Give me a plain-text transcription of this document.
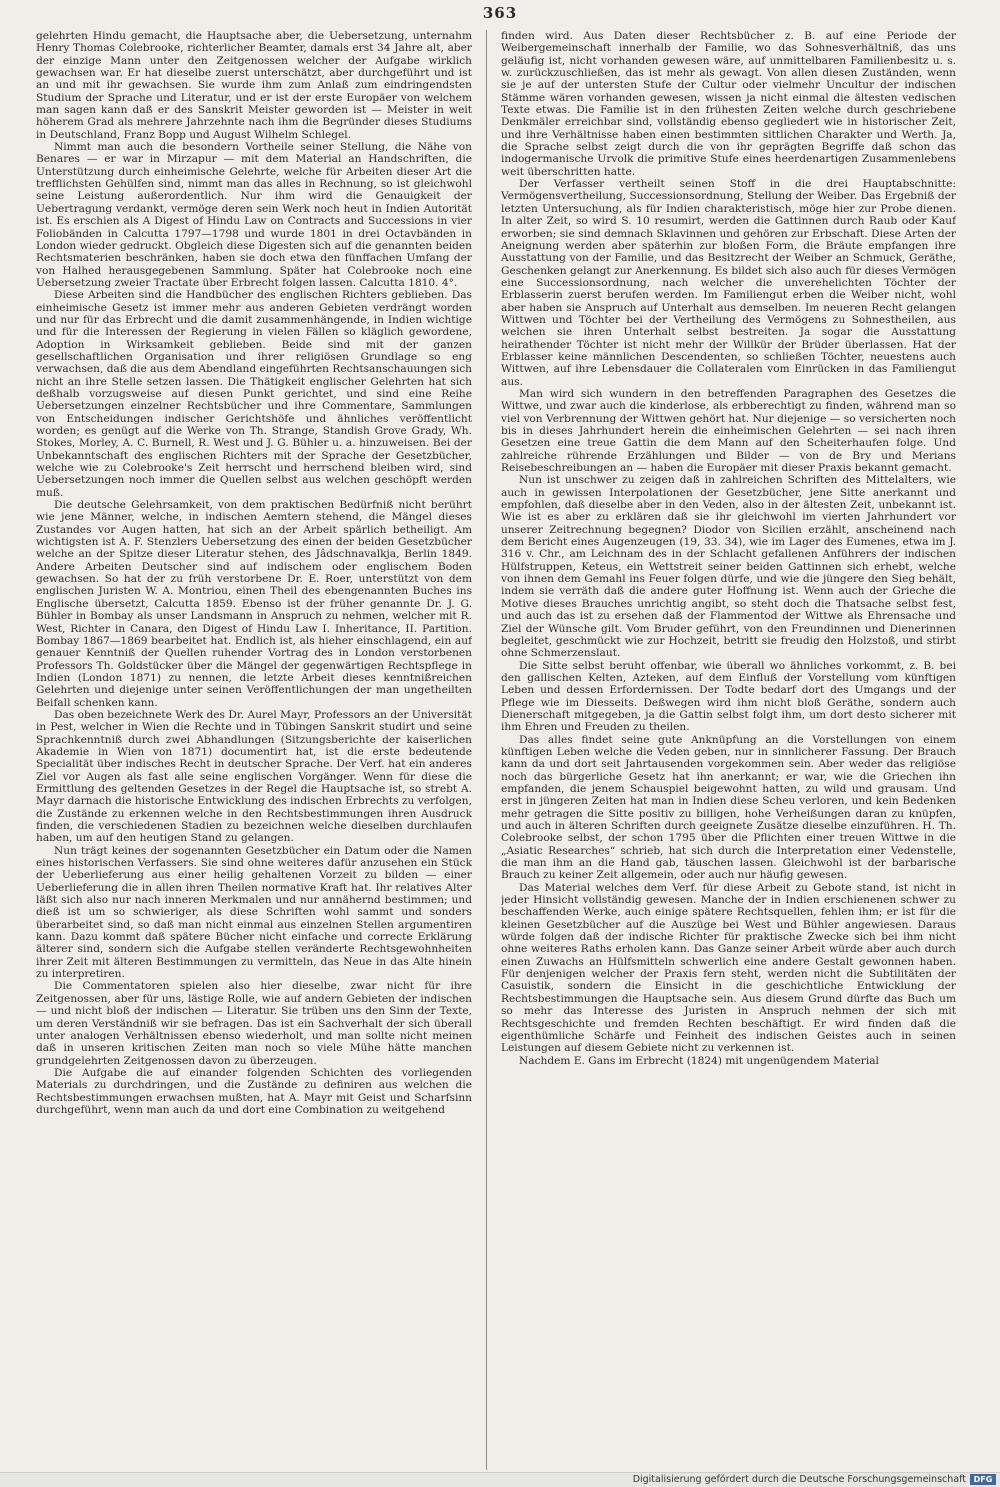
363

gelehrten Hindu gemacht, die Hauptsache aber, die Uebersetzung, unternahm Henry Thomas Colebrooke, richterlicher Beamter, damals erst 34 Jahre alt, aber der einzige Mann unter den Zeitgenossen welcher der Aufgabe wirklich gewachsen war. Er hat dieselbe zuerst unterschätzt, aber durchgeführt und ist an und mit ihr gewachsen. Sie wurde ihm zum Anlaß zum eindringendsten Studium der Sprache und Literatur, und er ist der erste Europäer von welchem man sagen kann daß er des Sanskrit Meister geworden ist — Meister in weit höherem Grad als mehrere Jahrzehnte nach ihm die Begründer dieses Studiums in Deutschland, Franz Bopp und August Wilhelm Schlegel.

Nimmt man auch die besondern Vortheile seiner Stellung, die Nähe von Benares — er war in Mirzapur — mit dem Material an Handschriften, die Unterstützung durch einheimische Gelehrte, welche für Arbeiten dieser Art die trefflichsten Gehülfen sind, nimmt man das alles in Rechnung, so ist gleichwohl seine Leistung außerordentlich. Nur ihm wird die Genauigkeit der Uebertragung verdankt, vermöge deren sein Werk noch heut in Indien Autorität ist. Es erschien als A Digest of Hindu Law on Contracts and Successions in vier Foliobänden in Calcutta 1797—1798 und wurde 1801 in drei Octavbänden in London wieder gedruckt. Obgleich diese Digesten sich auf die genannten beiden Rechtsmaterien beschränken, haben sie doch etwa den fünffachen Umfang der von Halhed herausgegebenen Sammlung. Später hat Colebrooke noch eine Uebersetzung zweier Tractate über Erbrecht folgen lassen. Calcutta 1810. 4°.

Diese Arbeiten sind die Handbücher des englischen Richters geblieben. Das einheimische Gesetz ist immer mehr aus anderen Gebieten verdrängt worden und nur für das Erbrecht und die damit zusammenhängende, in Indien wichtige und für die Interessen der Regierung in vielen Fällen so kläglich gewordene, Adoption in Wirksamkeit geblieben. Beide sind mit der ganzen gesellschaftlichen Organisation und ihrer religiösen Grundlage so eng verwachsen, daß die aus dem Abendland eingeführten Rechtsanschauungen sich nicht an ihre Stelle setzen lassen. Die Thätigkeit englischer Gelehrten hat sich deßhalb vorzugsweise auf diesen Punkt gerichtet, und sind eine Reihe Uebersetzungen einzelner Rechtsbücher und ihre Commentare, Sammlungen von Entscheidungen indischer Gerichtshöfe und ähnliches veröffentlicht worden; es genügt auf die Werke von Th. Strange, Standish Grove Grady, Wh. Stokes, Morley, A. C. Burnell, R. West und J. G. Bühler u. a. hinzuweisen. Bei der Unbekanntschaft des englischen Richters mit der Sprache der Gesetzbücher, welche wie zu Colebrooke's Zeit herrscht und herrschend bleiben wird, sind Uebersetzungen noch immer die Quellen selbst aus welchen geschöpft werden muß.

Die deutsche Gelehrsamkeit, von dem praktischen Bedürfniß nicht berührt wie jene Männer, welche, in indischen Aemtern stehend, die Mängel dieses Zustandes vor Augen hatten, hat sich an der Arbeit spärlich betheiligt. Am wichtigsten ist A. F. Stenzlers Uebersetzung des einen der beiden Gesetzbücher welche an der Spitze dieser Literatur stehen, des Jâdschnavalkja, Berlin 1849. Andere Arbeiten Deutscher sind auf indischem oder englischem Boden gewachsen. So hat der zu früh verstorbene Dr. E. Roer, unterstützt von dem englischen Juristen W. A. Montriou, einen Theil des ebengenannten Buches ins Englische übersetzt, Calcutta 1859. Ebenso ist der früher genannte Dr. J. G. Bühler in Bombay als unser Landsmann in Anspruch zu nehmen, welcher mit R. West, Richter in Canara, den Digest of Hindu Law I. Inheritance, II. Partition. Bombay 1867—1869 bearbeitet hat. Endlich ist, als hieher einschlagend, ein auf genauer Kenntniß der Quellen ruhender Vortrag des in London verstorbenen Professors Th. Goldstücker über die Mängel der gegenwärtigen Rechtspflege in Indien (London 1871) zu nennen, die letzte Arbeit dieses kenntnißreichen Gelehrten und diejenige unter seinen Veröffentlichungen der man ungetheilten Beifall schenken kann.

Das oben bezeichnete Werk des Dr. Aurel Mayr, Professors an der Universität in Pest, welcher in Wien die Rechte und in Tübingen Sanskrit studirt und seine Sprachkenntniß durch zwei Abhandlungen (Sitzungsberichte der kaiserlichen Akademie in Wien von 1871) documentirt hat, ist die erste bedeutende Specialität über indisches Recht in deutscher Sprache. Der Verf. hat ein anderes Ziel vor Augen als fast alle seine englischen Vorgänger. Wenn für diese die Ermittlung des geltenden Gesetzes in der Regel die Hauptsache ist, so strebt A. Mayr darnach die historische Entwicklung des indischen Erbrechts zu verfolgen, die Zustände zu erkennen welche in den Rechtsbestimmungen ihren Ausdruck finden, die verschiedenen Stadien zu bezeichnen welche dieselben durchlaufen haben, um auf den heutigen Stand zu gelangen.

Nun trägt keines der sogenannten Gesetzbücher ein Datum oder die Namen eines historischen Verfassers. Sie sind ohne weiteres dafür anzusehen ein Stück der Ueberlieferung aus einer heilig gehaltenen Vorzeit zu bilden — einer Ueberlieferung die in allen ihren Theilen normative Kraft hat. Ihr relatives Alter läßt sich also nur nach inneren Merkmalen und nur annähernd bestimmen; und dieß ist um so schwieriger, als diese Schriften wohl sammt und sonders überarbeitet sind, so daß man nicht einmal aus einzelnen Stellen argumentiren kann. Dazu kommt daß spätere Bücher nicht einfache und correcte Erklärung älterer sind, sondern sich die Aufgabe stellen veränderte Rechtsgewohnheiten ihrer Zeit mit älteren Bestimmungen zu vermitteln, das Neue in das Alte hinein zu interpretiren.

Die Commentatoren spielen also hier dieselbe, zwar nicht für ihre Zeitgenossen, aber für uns, lästige Rolle, wie auf andern Gebieten der indischen — und nicht bloß der indischen — Literatur. Sie trüben uns den Sinn der Texte, um deren Verständniß wir sie befragen. Das ist ein Sachverhalt der sich überall unter analogen Verhältnissen ebenso wiederholt, und man sollte nicht meinen daß in unseren kritischen Zeiten man noch so viele Mühe hätte manchen grundgelehrten Zeitgenossen davon zu überzeugen.

Die Aufgabe die auf einander folgenden Schichten des vorliegenden Materials zu durchdringen, und die Zustände zu definiren aus welchen die Rechtsbestimmungen erwachsen mußten, hat A. Mayr mit Geist und Scharfsinn durchgeführt, wenn man auch da und dort eine Combination zu weitgehend

finden wird. Aus Daten dieser Rechtsbücher z. B. auf eine Periode der Weibergemeinschaft innerhalb der Familie, wo das Sohnesverhältniß, das uns geläufig ist, nicht vorhanden gewesen wäre, auf unmittelbaren Familienbesitz u. s. w. zurückzuschließen, das ist mehr als gewagt. Von allen diesen Zuständen, wenn sie je auf der untersten Stufe der Cultur oder vielmehr Uncultur der indischen Stämme wären vorhanden gewesen, wissen ja nicht einmal die ältesten vedischen Texte etwas. Die Familie ist in den frühesten Zeiten welche durch geschriebene Denkmäler erreichbar sind, vollständig ebenso gegliedert wie in historischer Zeit, und ihre Verhältnisse haben einen bestimmten sittlichen Charakter und Werth. Ja, die Sprache selbst zeigt durch die von ihr geprägten Begriffe daß schon das indogermanische Urvolk die primitive Stufe eines heerdenartigen Zusammenlebens weit überschritten hatte.

Der Verfasser vertheilt seinen Stoff in die drei Hauptabschnitte: Vermögensvertheilung, Successionsordnung, Stellung der Weiber. Das Ergebniß der letzten Untersuchung, als für Indien charakteristisch, möge hier zur Probe dienen. In alter Zeit, so wird S. 10 resumirt, werden die Gattinnen durch Raub oder Kauf erworben; sie sind demnach Sklavinnen und gehören zur Erbschaft. Diese Arten der Aneignung werden aber späterhin zur bloßen Form, die Bräute empfangen ihre Ausstattung von der Familie, und das Besitzrecht der Weiber an Schmuck, Geräthe, Geschenken gelangt zur Anerkennung. Es bildet sich also auch für dieses Vermögen eine Successionsordnung, nach welcher die unverehelichten Töchter der Erblasserin zuerst berufen werden. Im Familiengut erben die Weiber nicht, wohl aber haben sie Anspruch auf Unterhalt aus demselben. Im neueren Recht gelangen Wittwen und Töchter bei der Vertheilung des Vermögens zu Sohnestheilen, aus welchen sie ihren Unterhalt selbst bestreiten. Ja sogar die Ausstattung heirathender Töchter ist nicht mehr der Willkür der Brüder überlassen. Hat der Erblasser keine männlichen Descendenten, so schließen Töchter, neuestens auch Wittwen, auf ihre Lebensdauer die Collateralen vom Einrücken in das Familiengut aus.

Man wird sich wundern in den betreffenden Paragraphen des Gesetzes die Wittwe, und zwar auch die kinderlose, als erbberechtigt zu finden, während man so viel von Verbrennung der Wittwen gehört hat. Nur diejenige — so versicherten noch bis in dieses Jahrhundert herein die einheimischen Gelehrten — sei nach ihren Gesetzen eine treue Gattin die dem Mann auf den Scheiterhaufen folge. Und zahlreiche rührende Erzählungen und Bilder — von de Bry und Merians Reisebeschreibungen an — haben die Europäer mit dieser Praxis bekannt gemacht.

Nun ist unschwer zu zeigen daß in zahlreichen Schriften des Mittelalters, wie auch in gewissen Interpolationen der Gesetzbücher, jene Sitte anerkannt und empfohlen, daß dieselbe aber in den Veden, also in der ältesten Zeit, unbekannt ist. Wie ist es aber zu erklären daß sie ihr gleichwohl im vierten Jahrhundert vor unserer Zeitrechnung begegnen? Diodor von Sicilien erzählt, anscheinend nach dem Bericht eines Augenzeugen (19, 33. 34), wie im Lager des Eumenes, etwa im J. 316 v. Chr., am Leichnam des in der Schlacht gefallenen Anführers der indischen Hülfstruppen, Keteus, ein Wettstreit seiner beiden Gattinnen sich erhebt, welche von ihnen dem Gemahl ins Feuer folgen dürfe, und wie die jüngere den Sieg behält, indem sie verräth daß die andere guter Hoffnung ist. Wenn auch der Grieche die Motive dieses Brauches unrichtig angibt, so steht doch die Thatsache selbst fest, und auch das ist zu ersehen daß der Flammentod der Wittwe als Ehrensache und Ziel der Wünsche gilt. Vom Bruder geführt, von den Freundinnen und Dienerinnen begleitet, geschmückt wie zur Hochzeit, betritt sie freudig den Holzstoß, und stirbt ohne Schmerzenslaut.

Die Sitte selbst beruht offenbar, wie überall wo ähnliches vorkommt, z. B. bei den gallischen Kelten, Azteken, auf dem Einfluß der Vorstellung vom künftigen Leben und dessen Erfordernissen. Der Todte bedarf dort des Umgangs und der Pflege wie im Diesseits. Deßwegen wird ihm nicht bloß Geräthe, sondern auch Dienerschaft mitgegeben, ja die Gattin selbst folgt ihm, um dort desto sicherer mit ihm Ehren und Freuden zu theilen.

Das alles findet seine gute Anknüpfung an die Vorstellungen von einem künftigen Leben welche die Veden geben, nur in sinnlicherer Fassung. Der Brauch kann da und dort seit Jahrtausenden vorgekommen sein. Aber weder das religiöse noch das bürgerliche Gesetz hat ihn anerkannt; er war, wie die Griechen ihn empfanden, die jenem Schauspiel beigewohnt hatten, zu wild und grausam. Und erst in jüngeren Zeiten hat man in Indien diese Scheu verloren, und kein Bedenken mehr getragen die Sitte positiv zu billigen, hohe Verheißungen daran zu knüpfen, und auch in älteren Schriften durch geeignete Zusätze dieselbe einzuführen. H. Th. Colebrooke selbst, der schon 1795 über die Pflichten einer treuen Wittwe in die „Asiatic Researches“ schrieb, hat sich durch die Interpretation einer Vedenstelle, die man ihm an die Hand gab, täuschen lassen. Gleichwohl ist der barbarische Brauch zu keiner Zeit allgemein, oder auch nur häufig gewesen.

Das Material welches dem Verf. für diese Arbeit zu Gebote stand, ist nicht in jeder Hinsicht vollständig gewesen. Manche der in Indien erschienenen schwer zu beschaffenden Werke, auch einige spätere Rechtsquellen, fehlen ihm; er ist für die kleinen Gesetzbücher auf die Auszüge bei West und Bühler angewiesen. Daraus würde folgen daß der indische Richter für praktische Zwecke sich bei ihm nicht ohne weiteres Raths erholen kann. Das Ganze seiner Arbeit würde aber auch durch einen Zuwachs an Hülfsmitteln schwerlich eine andere Gestalt gewonnen haben. Für denjenigen welcher der Praxis fern steht, werden nicht die Subtilitäten der Casuistik, sondern die Einsicht in die geschichtliche Entwicklung der Rechtsbestimmungen die Hauptsache sein. Aus diesem Grund dürfte das Buch um so mehr das Interesse des Juristen in Anspruch nehmen der sich mit Rechtsgeschichte und fremden Rechten beschäftigt. Er wird finden daß die eigenthümliche Schärfe und Feinheit des indischen Geistes auch in seinen Leistungen auf diesem Gebiete nicht zu verkennen ist.

Nachdem E. Gans im Erbrecht (1824) mit ungenügendem Material

Digitalisierung gefördert durch die Deutsche Forschungsgemeinschaft DFG
